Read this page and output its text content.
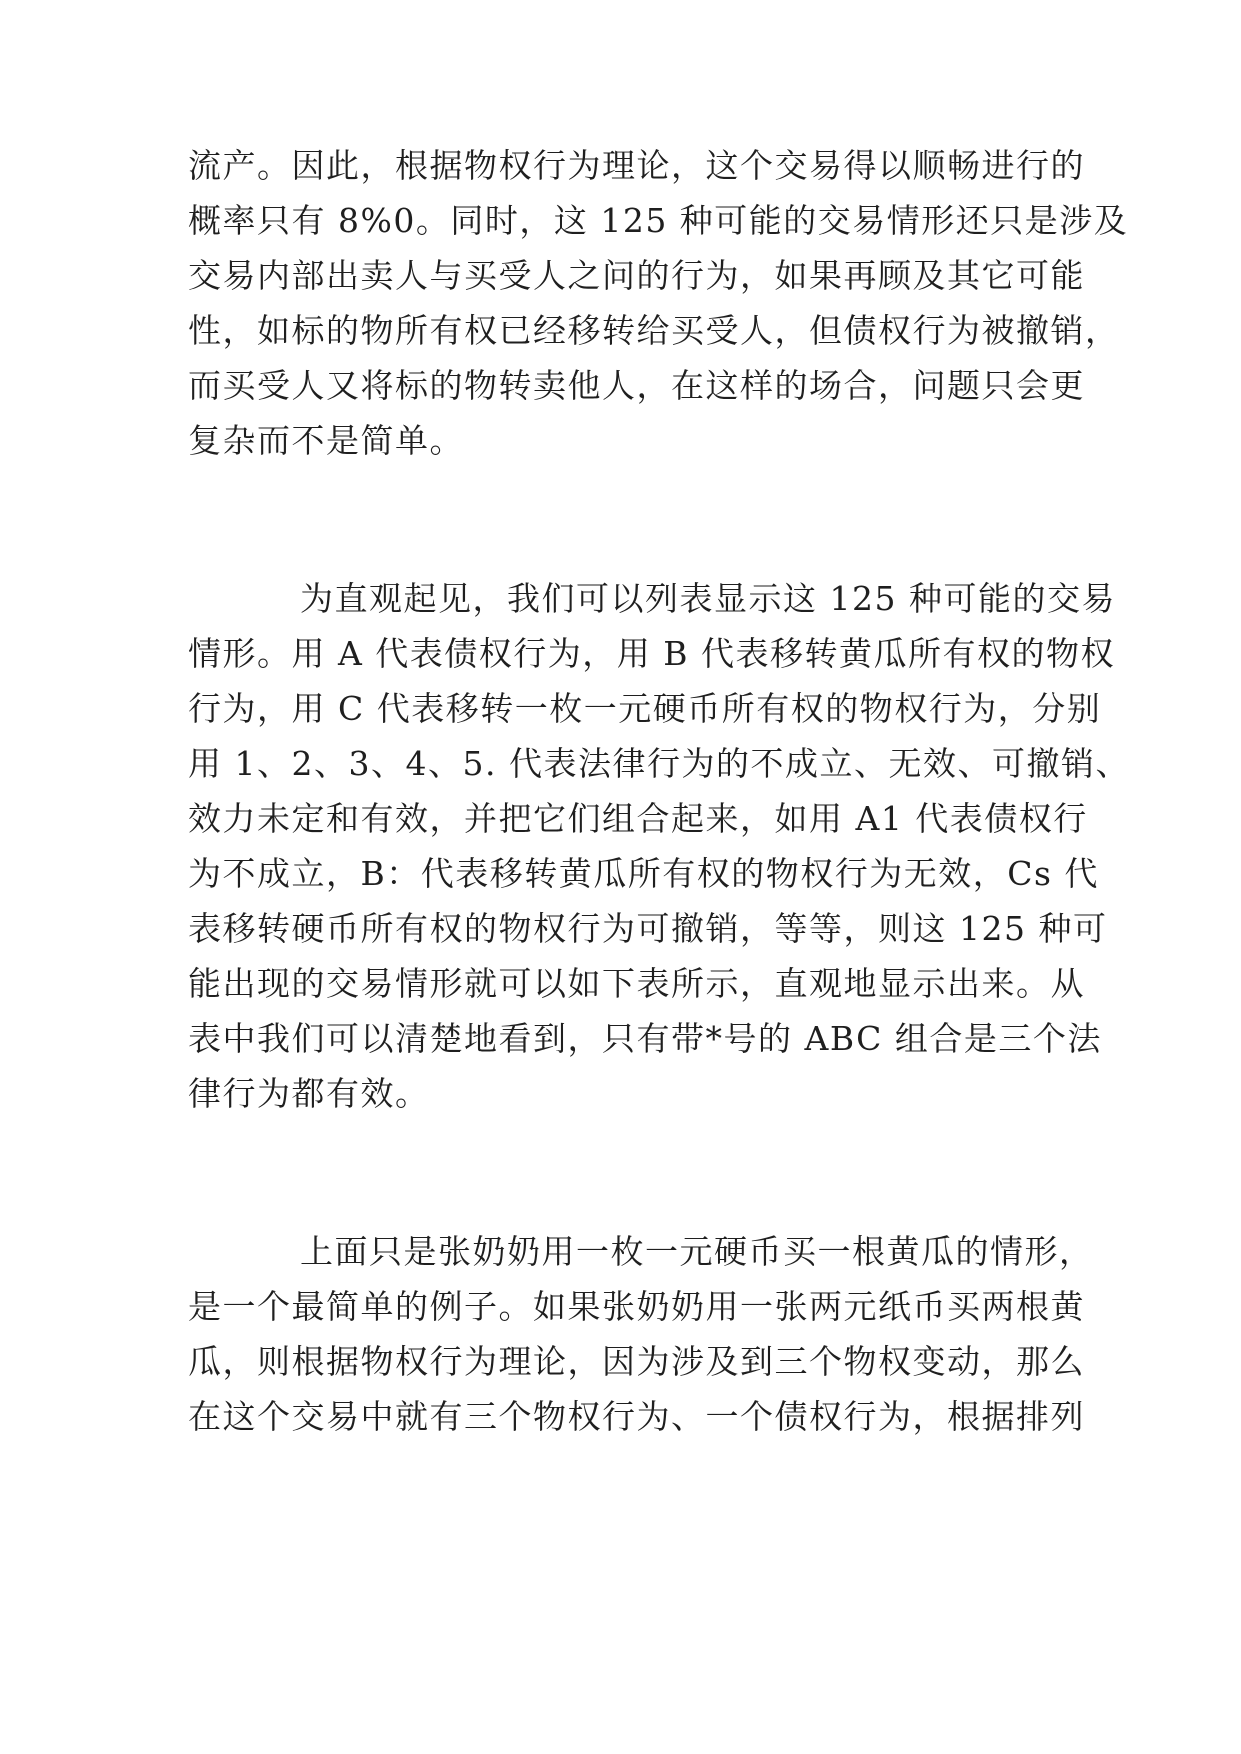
流产。因此，根据物权行为理论，这个交易得以顺畅进行的
概率只有 8%0。同时，这 125 种可能的交易情形还只是涉及
交易内部出卖人与买受人之问的行为，如果再顾及其它可能
性，如标的物所有权已经移转给买受人，但债权行为被撤销，
而买受人又将标的物转卖他人，在这样的场合，问题只会更
复杂而不是简单。
为直观起见，我们可以列表显示这 125 种可能的交易
情形。用 A 代表债权行为，用 B 代表移转黄瓜所有权的物权
行为，用 C 代表移转一枚一元硬币所有权的物权行为，分别
用 1、2、3、4、5. 代表法律行为的不成立、无效、可撤销、
效力未定和有效，并把它们组合起来，如用 A1 代表债权行
为不成立，B：代表移转黄瓜所有权的物权行为无效，Cs 代
表移转硬币所有权的物权行为可撤销，等等，则这 125 种可
能出现的交易情形就可以如下表所示，直观地显示出来。从
表中我们可以清楚地看到，只有带*号的 ABC 组合是三个法
律行为都有效。
上面只是张奶奶用一枚一元硬币买一根黄瓜的情形，
是一个最简单的例子。如果张奶奶用一张两元纸币买两根黄
瓜，则根据物权行为理论，因为涉及到三个物权变动，那么
在这个交易中就有三个物权行为、一个债权行为，根据排列
